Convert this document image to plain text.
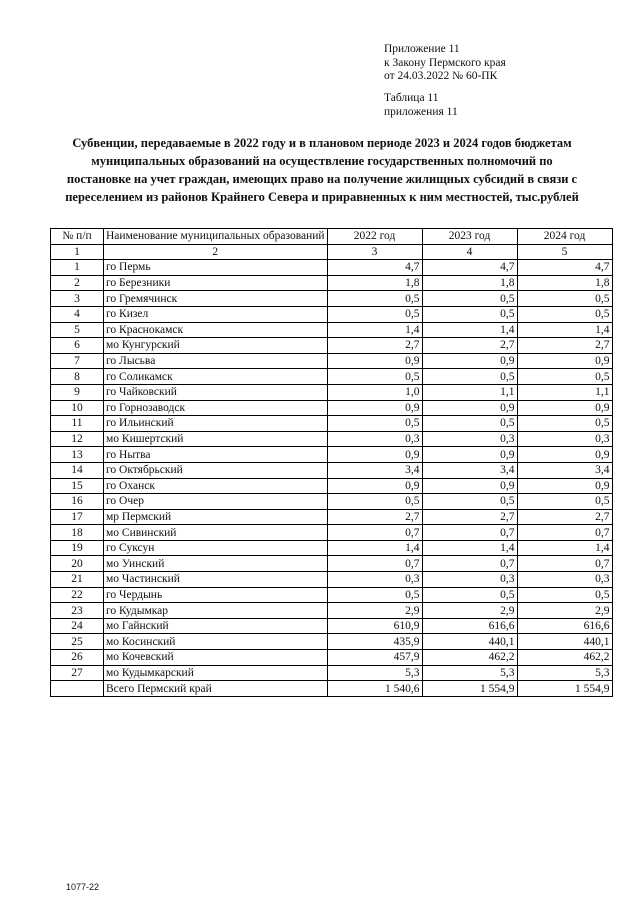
Приложение 11
к Закону Пермского края
от 24.03.2022 № 60-ПК
Таблица 11
приложения 11
Субвенции, передаваемые в 2022 году и в плановом периоде 2023 и 2024 годов бюджетам муниципальных образований на осуществление государственных полномочий по постановке на учет граждан, имеющих право на получение жилищных субсидий в связи с переселением из районов Крайнего Севера и приравненных к ним местностей, тыс.рублей
№ п/п	Наименование муниципальных образований	2022 год	2023 год	2024 год
1	2	3	4	5
1	го Пермь	4,7	4,7	4,7
2	го Березники	1,8	1,8	1,8
3	го Гремячинск	0,5	0,5	0,5
4	го Кизел	0,5	0,5	0,5
5	го Краснокамск	1,4	1,4	1,4
6	мо Кунгурский	2,7	2,7	2,7
7	го Лысьва	0,9	0,9	0,9
8	го Соликамск	0,5	0,5	0,5
9	го Чайковский	1,0	1,1	1,1
10	го Горнозаводск	0,9	0,9	0,9
11	го Ильинский	0,5	0,5	0,5
12	мо Кишертский	0,3	0,3	0,3
13	го Нытва	0,9	0,9	0,9
14	го Октябрьский	3,4	3,4	3,4
15	го Оханск	0,9	0,9	0,9
16	го Очер	0,5	0,5	0,5
17	мр Пермский	2,7	2,7	2,7
18	мо Сивинский	0,7	0,7	0,7
19	го Суксун	1,4	1,4	1,4
20	мо Уинский	0,7	0,7	0,7
21	мо Частинский	0,3	0,3	0,3
22	го Чердынь	0,5	0,5	0,5
23	го Кудымкар	2,9	2,9	2,9
24	мо Гайнский	610,9	616,6	616,6
25	мо Косинский	435,9	440,1	440,1
26	мо Кочевский	457,9	462,2	462,2
27	мо Кудымкарский	5,3	5,3	5,3
	Всего Пермский край	1 540,6	1 554,9	1 554,9
1077-22
